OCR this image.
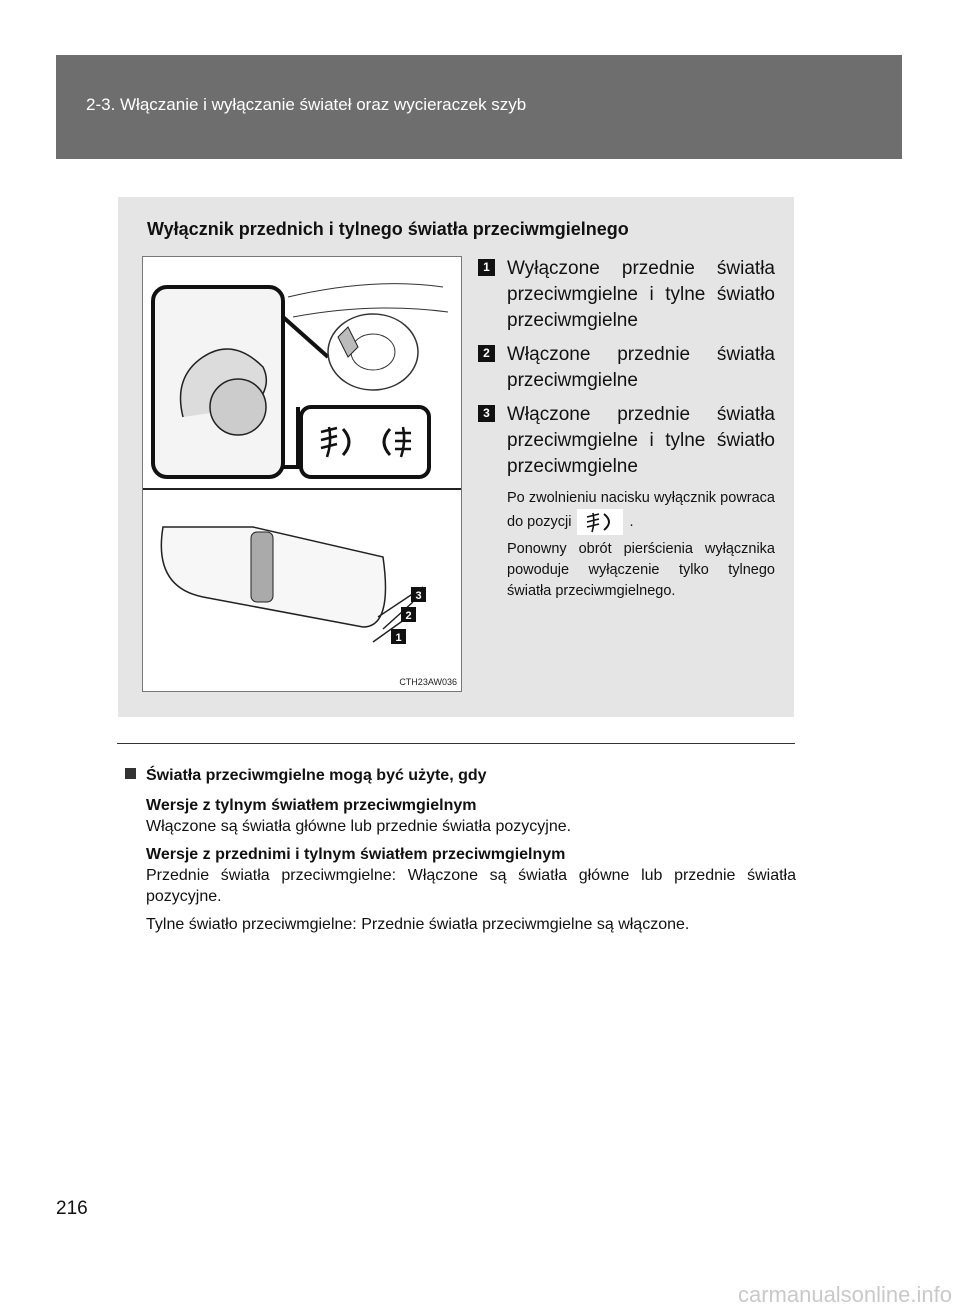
2-3. Włączanie i wyłączanie świateł oraz wycieraczek szyb
Wyłącznik przednich i tylnego światła przeciwmgielnego
3
2
1
CTH23AW036
1 Wyłączone przednie światła przeciwmgielne i tylne światło przeciwmgielne
2 Włączone przednie światła przeciwmgielne
3 Włączone przednie światła przeciwmgielne i tylne światło przeciwmgielne
Po zwolnieniu nacisku wyłącznik powraca do pozycji	.
Ponowny obrót pierścienia wyłącznika powoduje wyłączenie tylko tylnego światła przeciwmgielnego.
Światła przeciwmgielne mogą być użyte, gdy
Wersje z tylnym światłem przeciwmgielnym
Włączone są światła główne lub przednie światła pozycyjne.
Wersje z przednimi i tylnym światłem przeciwmgielnym
Przednie światła przeciwmgielne: Włączone są światła główne lub przednie światła pozycyjne.
Tylne światło przeciwmgielne: Przednie światła przeciwmgielne są włączone.
216
carmanualsonline.info
